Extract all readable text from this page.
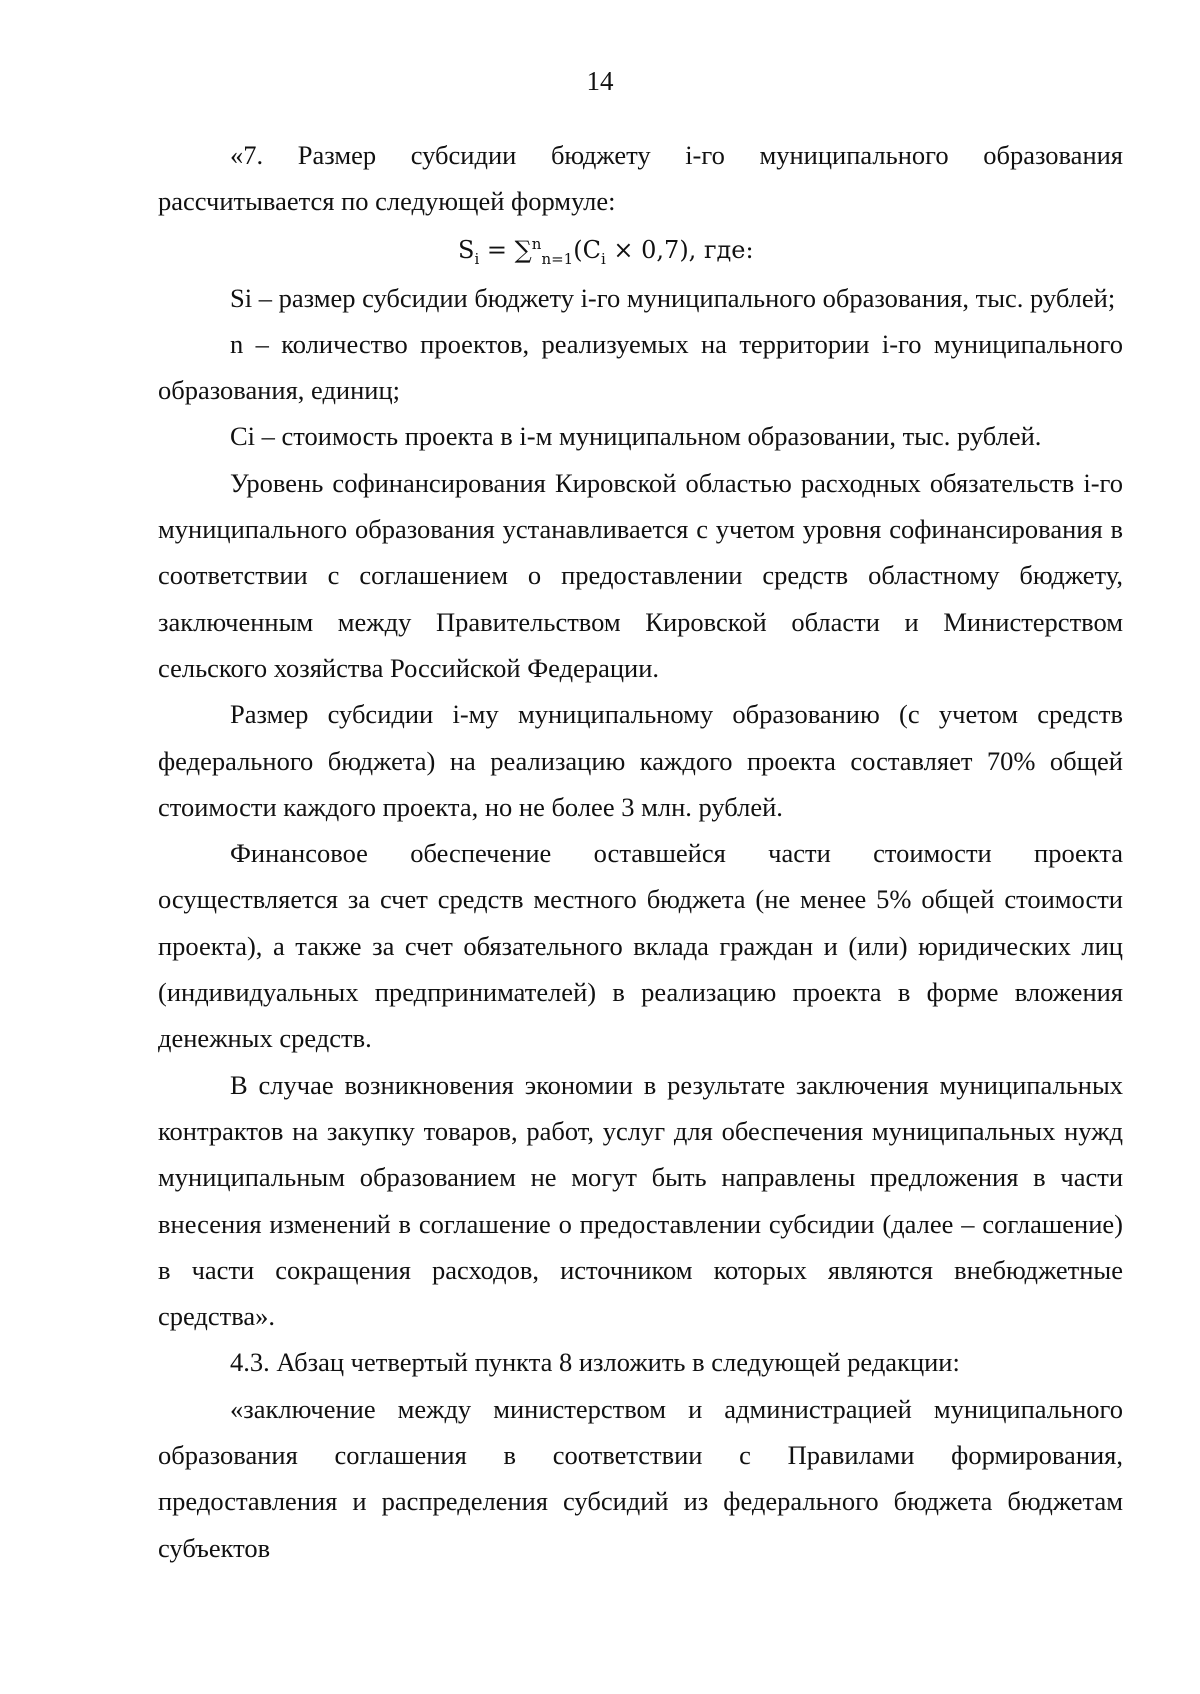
14

«7. Размер субсидии бюджету i-го муниципального образования рассчитывается по следующей формуле:

$S_i = \sum^n_{n=1}(C_i \times 0,7)$, где:

Si – размер субсидии бюджету i-го муниципального образования, тыс. рублей;

n – количество проектов, реализуемых на территории i-го муниципального образования, единиц;

Ci – стоимость проекта в i-м муниципальном образовании, тыс. рублей.

Уровень софинансирования Кировской областью расходных обязательств i-го муниципального образования устанавливается с учетом уровня софинансирования в соответствии с соглашением о предоставлении средств областному бюджету, заключенным между Правительством Кировской области и Министерством сельского хозяйства Российской Федерации.

Размер субсидии i-му муниципальному образованию (с учетом средств федерального бюджета) на реализацию каждого проекта составляет 70% общей стоимости каждого проекта, но не более 3 млн. рублей.

Финансовое обеспечение оставшейся части стоимости проекта осуществляется за счет средств местного бюджета (не менее 5% общей стоимости проекта), а также за счет обязательного вклада граждан и (или) юридических лиц (индивидуальных предпринимателей) в реализацию проекта в форме вложения денежных средств.

В случае возникновения экономии в результате заключения муниципальных контрактов на закупку товаров, работ, услуг для обеспечения муниципальных нужд муниципальным образованием не могут быть направлены предложения в части внесения изменений в соглашение о предоставлении субсидии (далее – соглашение) в части сокращения расходов, источником которых являются внебюджетные средства».

4.3. Абзац четвертый пункта 8 изложить в следующей редакции:

«заключение между министерством и администрацией муниципального образования соглашения в соответствии с Правилами формирования, предоставления и распределения субсидий из федерального бюджета бюджетам субъектов
